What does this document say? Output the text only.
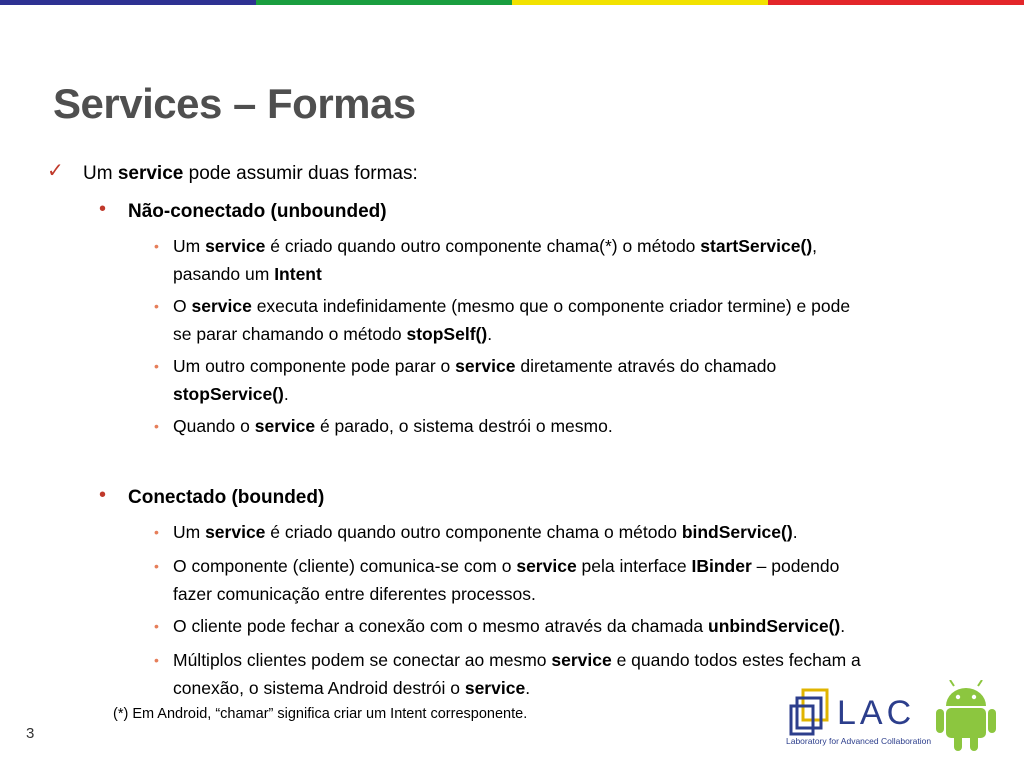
Services – Formas
✓ Um service pode assumir duas formas:
• Não-conectado (unbounded)
• Um service é criado quando outro componente chama(*) o método startService(),
pasando um Intent
• O service executa indefinidamente (mesmo que o componente criador termine) e pode
se parar chamando o método stopSelf().
• Um outro componente pode parar o service diretamente através do chamado
stopService().
• Quando o service é parado, o sistema destrói o mesmo.
• Conectado (bounded)
• Um service é criado quando outro componente chama o método bindService().
• O componente (cliente) comunica-se com o service pela interface IBinder – podendo
fazer comunicação entre diferentes processos.
• O cliente pode fechar a conexão com o mesmo através da chamada unbindService().
• Múltiplos clientes podem se conectar ao mesmo service e quando todos estes fecham a
conexão, o sistema Android destrói o service.
(*) Em Android, “chamar” significa criar um Intent corresponente.
3
LAC
Laboratory for Advanced Collaboration
